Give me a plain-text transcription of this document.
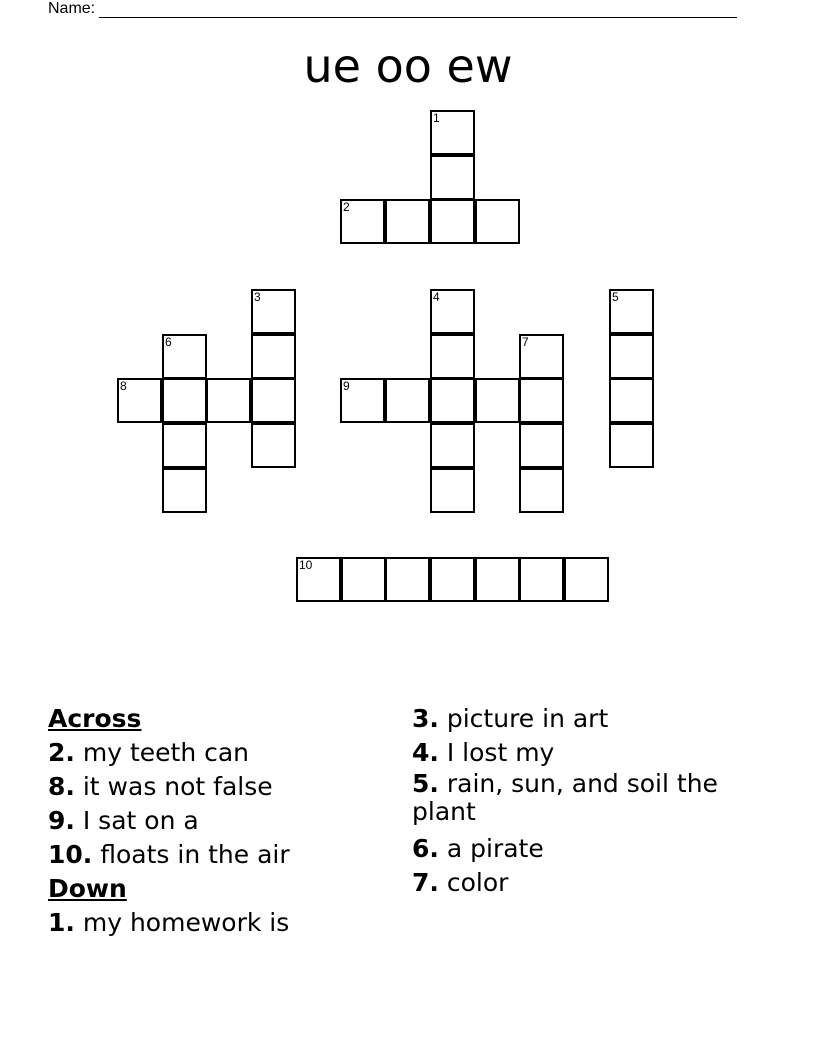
Name:
ue oo ew
1
2
3
6
8
4
7
9
5
10

Across

2. my teeth can

8. it was not false

9. I sat on a

10. floats in the air

Down

1. my homework is

3. picture in art

4. I lost my

5. rain, sun, and soil the plant

6. a pirate

7. color
